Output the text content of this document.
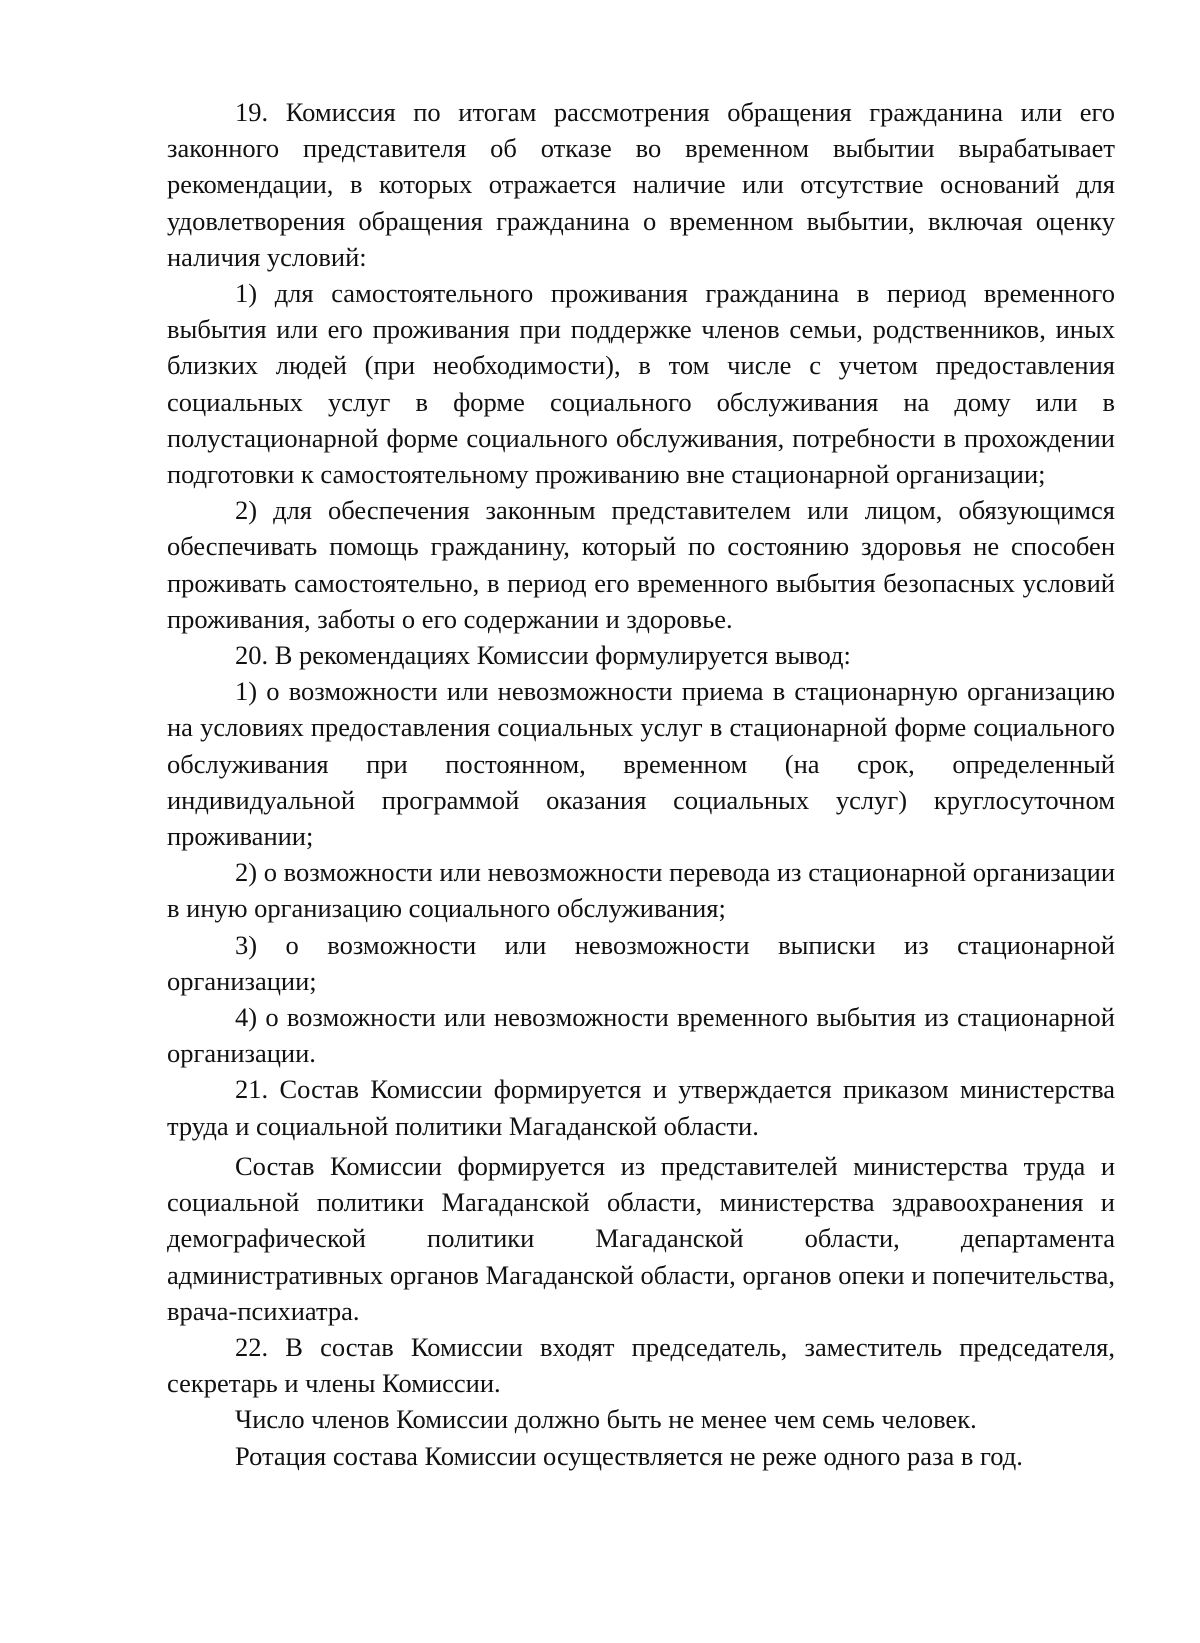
19. Комиссия по итогам рассмотрения обращения гражданина или его законного представителя об отказе во временном выбытии вырабатывает рекомендации, в которых отражается наличие или отсутствие оснований для удовлетворения обращения гражданина о временном выбытии, включая оценку наличия условий:

1) для самостоятельного проживания гражданина в период временного выбытия или его проживания при поддержке членов семьи, родственников, иных близких людей (при необходимости), в том числе с учетом предоставления социальных услуг в форме социального обслуживания на дому или в полустационарной форме социального обслуживания, потребности в прохождении подготовки к самостоятельному проживанию вне стационарной организации;

2) для обеспечения законным представителем или лицом, обязующимся обеспечивать помощь гражданину, который по состоянию здоровья не способен проживать самостоятельно, в период его временного выбытия безопасных условий проживания, заботы о его содержании и здоровье.

20. В рекомендациях Комиссии формулируется вывод:

1) о возможности или невозможности приема в стационарную организацию на условиях предоставления социальных услуг в стационарной форме социального обслуживания при постоянном, временном (на срок, определенный индивидуальной программой оказания социальных услуг) круглосуточном проживании;

2) о возможности или невозможности перевода из стационарной организации в иную организацию социального обслуживания;

3) о возможности или невозможности выписки из стационарной организации;

4) о возможности или невозможности временного выбытия из стационарной организации.

21. Состав Комиссии формируется и утверждается приказом министерства труда и социальной политики Магаданской области.

Состав Комиссии формируется из представителей министерства труда и социальной политики Магаданской области, министерства здравоохранения и демографической политики Магаданской области, департамента административных органов Магаданской области, органов опеки и попечительства, врача-психиатра.

22. В состав Комиссии входят председатель, заместитель председателя, секретарь и члены Комиссии.

Число членов Комиссии должно быть не менее чем семь человек.

Ротация состава Комиссии осуществляется не реже одного раза в год.
